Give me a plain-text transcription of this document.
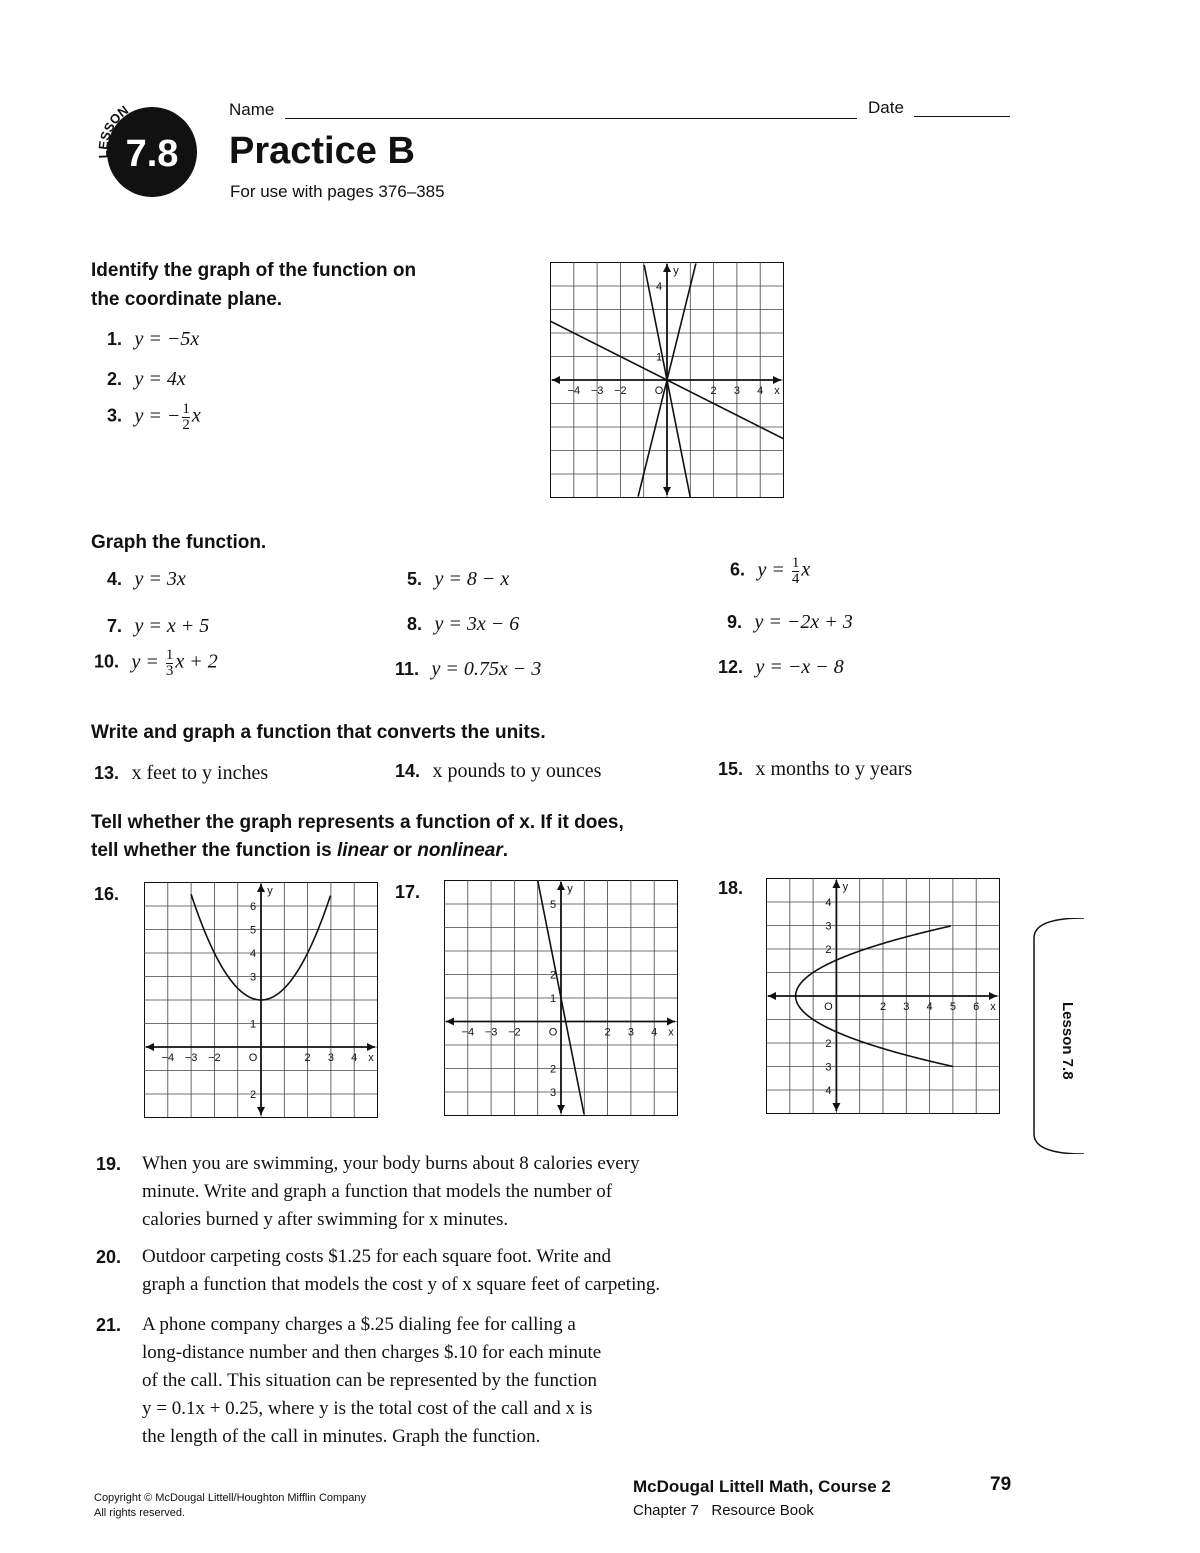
LESSON
7.8
Name	Date
Practice B
For use with pages 376–385
Identify the graph of the function on
the coordinate plane.
1. y = −5x
2. y = 4x
3. y = − $\frac{1}{2}$ x
−4 −3 −2	2 3 4
O	x
y
4
1
Graph the function.
4. y = 3x	5. y = 8 − x	6. $y = \frac{1}{4}$ x
7. y = x + 5	8. y = 3x − 6	9. y = −2x + 3
10. $y = \frac{1}{3}$ x + 2	11. y = 0.75x − 3	12. y = −x − 8
Write and graph a function that converts the units.
13. x feet to y inches	14. x pounds to y ounces	15. x months to y years
Tell whether the graph represents a function of x. If it does,
tell whether the function is linear or nonlinear.
16.	17.	18.
−4 −3 −2	2 3 4
O	x
y
6
5
4
3
1
2
−4 −3 −2	2 3 4
O	x
y
5
2
1
2
3
2 3 4 5 6
O	x
y
4
3
2
2
3
4
Lesson 7.8
19. When you are swimming, your body burns about 8 calories every
minute. Write and graph a function that models the number of
calories burned y after swimming for x minutes.
20. Outdoor carpeting costs $1.25 for each square foot. Write and
graph a function that models the cost y of x square feet of carpeting.
21. A phone company charges a $.25 dialing fee for calling a
long-distance number and then charges $.10 for each minute
of the call. This situation can be represented by the function
y = 0.1x + 0.25, where y is the total cost of the call and x is
the length of the call in minutes. Graph the function.
Copyright © McDougal Littell/Houghton Mifflin Company
All rights reserved.
McDougal Littell Math, Course 2
Chapter 7   Resource Book
79
